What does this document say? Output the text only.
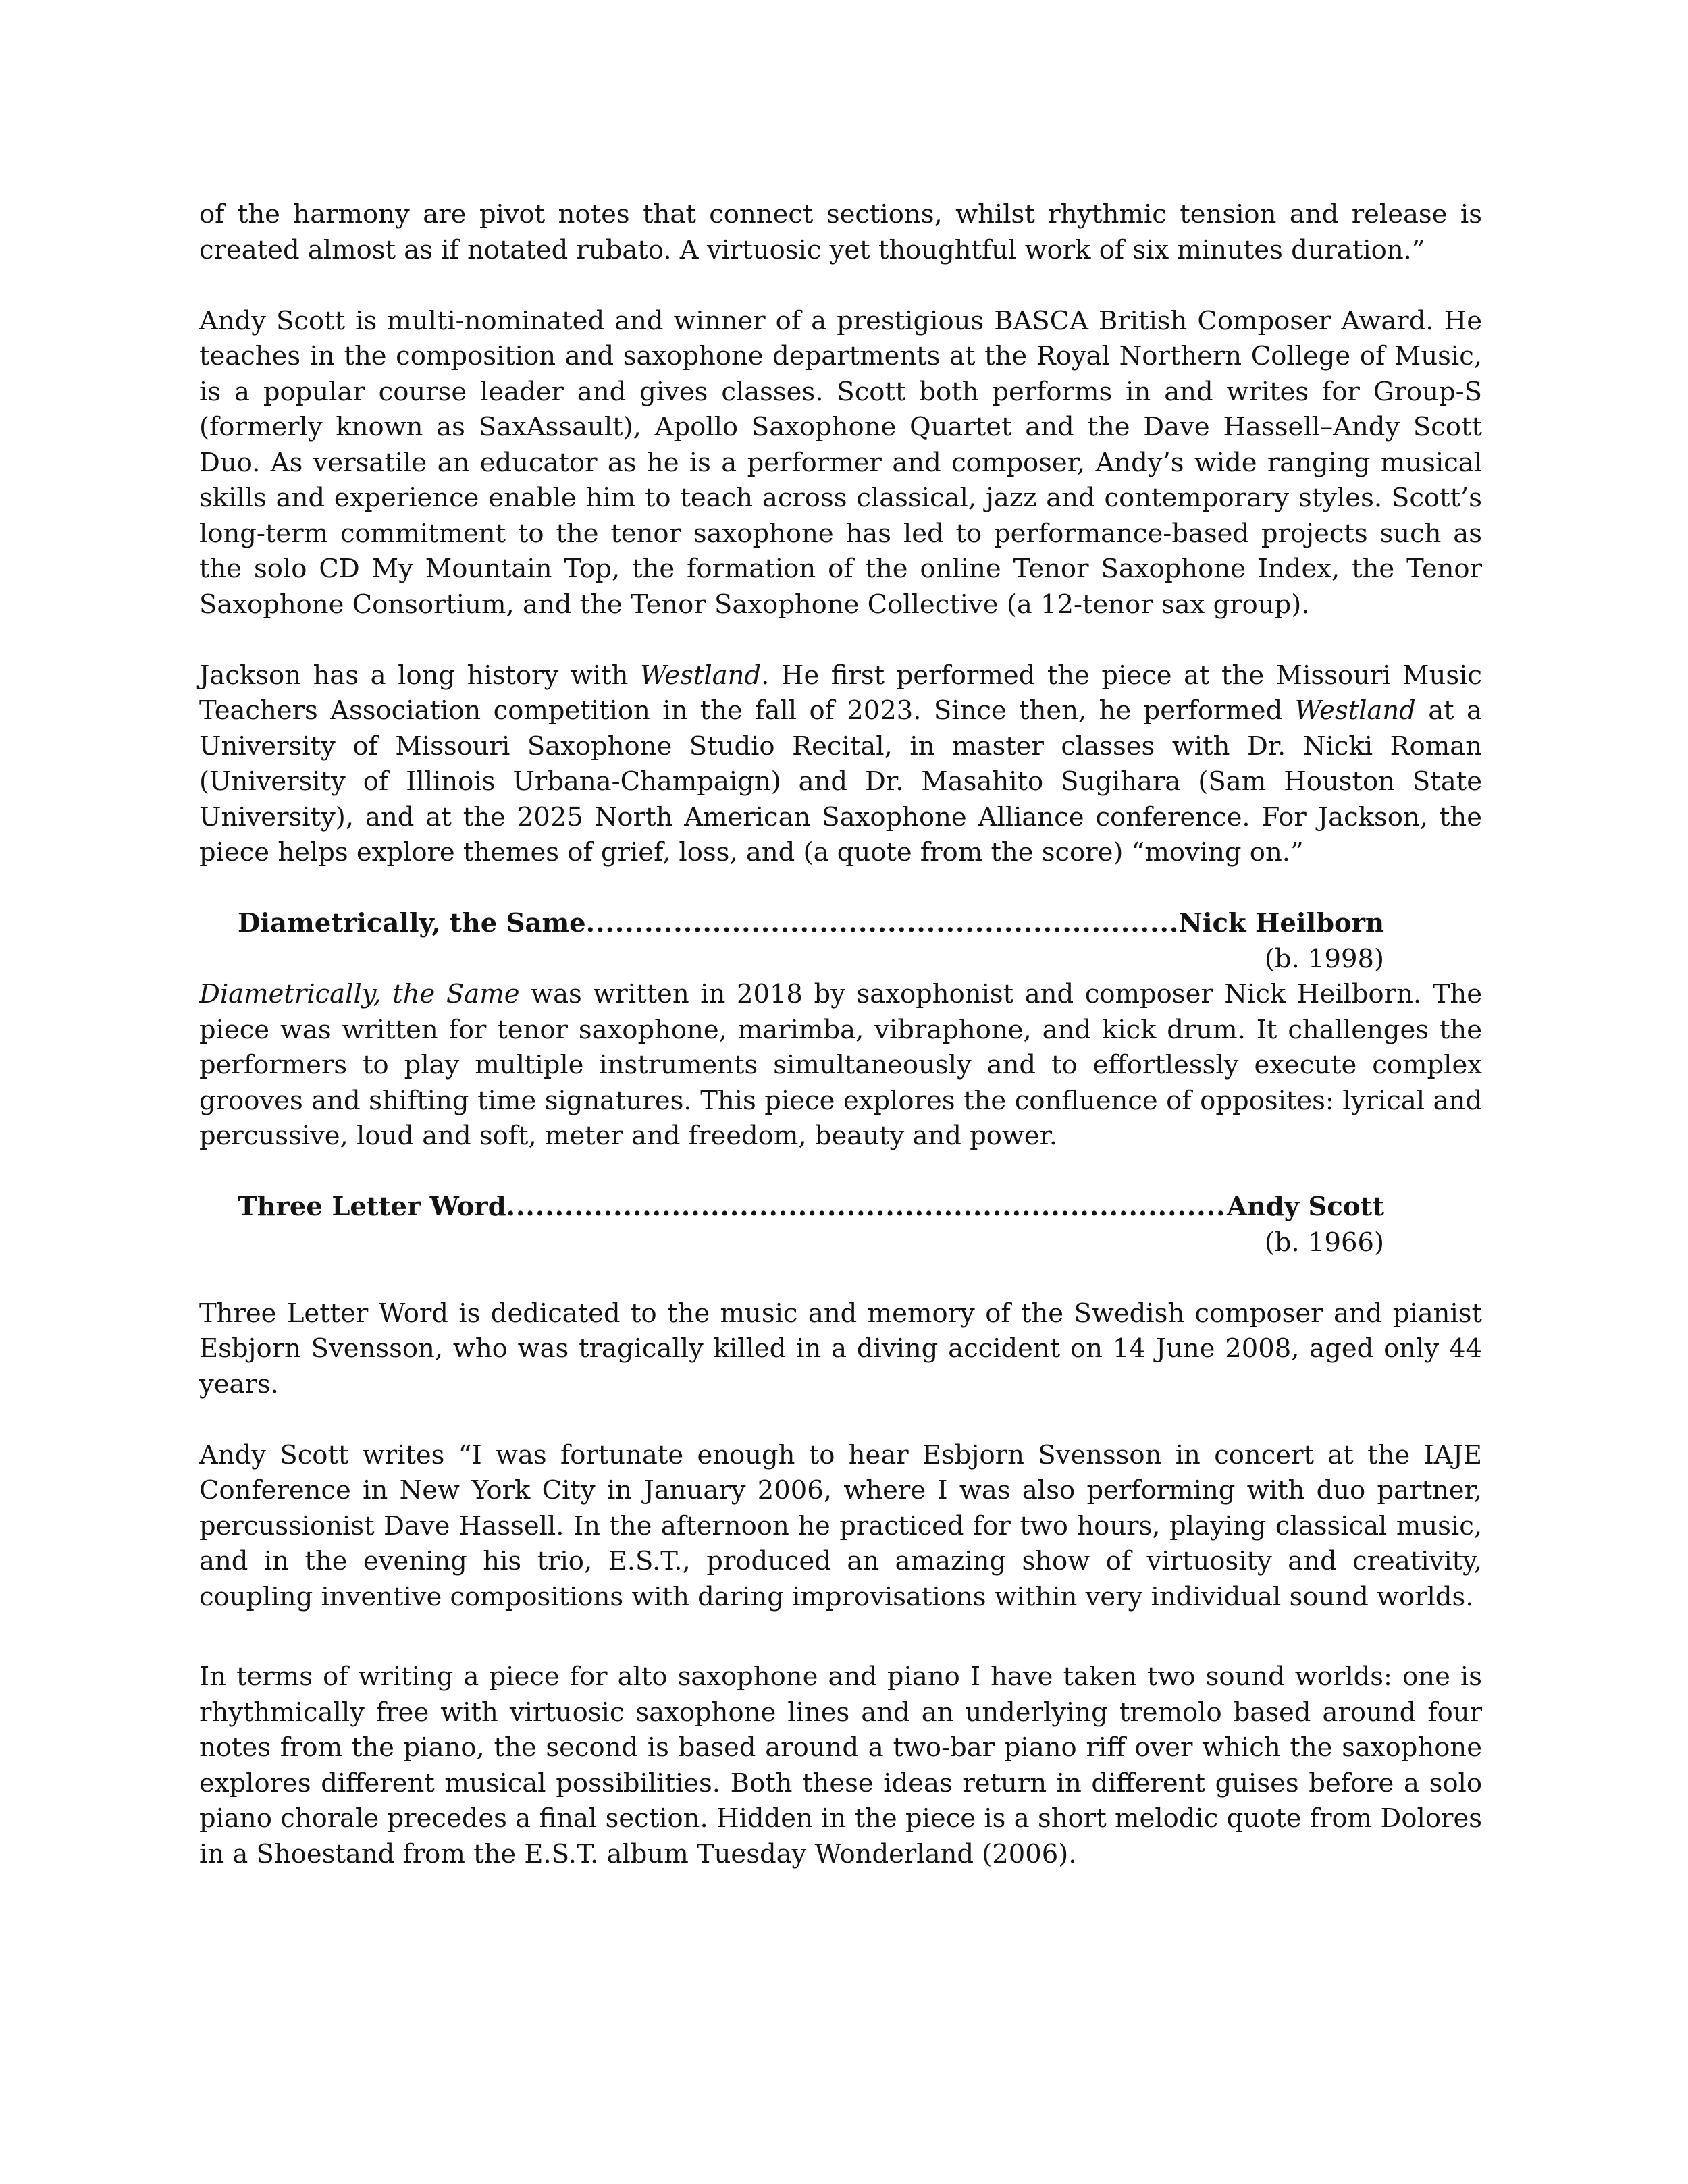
of the harmony are pivot notes that connect sections, whilst rhythmic tension and release is created almost as if notated rubato. A virtuosic yet thoughtful work of six minutes duration.”

Andy Scott is multi-nominated and winner of a prestigious BASCA British Composer Award. He teaches in the composition and saxophone departments at the Royal Northern College of Music, is a popular course leader and gives classes. Scott both performs in and writes for Group-S (formerly known as SaxAssault), Apollo Saxophone Quartet and the Dave Hassell–Andy Scott Duo. As versatile an educator as he is a performer and composer, Andy’s wide ranging musical skills and experience enable him to teach across classical, jazz and contemporary styles. Scott’s long-term commitment to the tenor saxophone has led to performance-based projects such as the solo CD My Mountain Top, the formation of the online Tenor Saxophone Index, the Tenor Saxophone Consortium, and the Tenor Saxophone Collective (a 12-tenor sax group).

Jackson has a long history with Westland. He first performed the piece at the Missouri Music Teachers Association competition in the fall of 2023. Since then, he performed Westland at a University of Missouri Saxophone Studio Recital, in master classes with Dr. Nicki Roman (University of Illinois Urbana-Champaign) and Dr. Masahito Sugihara (Sam Houston State University), and at the 2025 North American Saxophone Alliance conference. For Jackson, the piece helps explore themes of grief, loss, and (a quote from the score) “moving on.”

Diametrically, the Same .....	Nick Heilborn
(b. 1998)

Diametrically, the Same was written in 2018 by saxophonist and composer Nick Heilborn. The piece was written for tenor saxophone, marimba, vibraphone, and kick drum. It challenges the performers to play multiple instruments simultaneously and to effortlessly execute complex grooves and shifting time signatures. This piece explores the confluence of opposites: lyrical and percussive, loud and soft, meter and freedom, beauty and power.

Three Letter Word .....	Andy Scott
(b. 1966)

Three Letter Word is dedicated to the music and memory of the Swedish composer and pianist Esbjorn Svensson, who was tragically killed in a diving accident on 14 June 2008, aged only 44 years.

Andy Scott writes “I was fortunate enough to hear Esbjorn Svensson in concert at the IAJE Conference in New York City in January 2006, where I was also performing with duo partner, percussionist Dave Hassell. In the afternoon he practiced for two hours, playing classical music, and in the evening his trio, E.S.T., produced an amazing show of virtuosity and creativity, coupling inventive compositions with daring improvisations within very individual sound worlds.

In terms of writing a piece for alto saxophone and piano I have taken two sound worlds: one is rhythmically free with virtuosic saxophone lines and an underlying tremolo based around four notes from the piano, the second is based around a two-bar piano riff over which the saxophone explores different musical possibilities. Both these ideas return in different guises before a solo piano chorale precedes a final section. Hidden in the piece is a short melodic quote from Dolores in a Shoestand from the E.S.T. album Tuesday Wonderland (2006).
